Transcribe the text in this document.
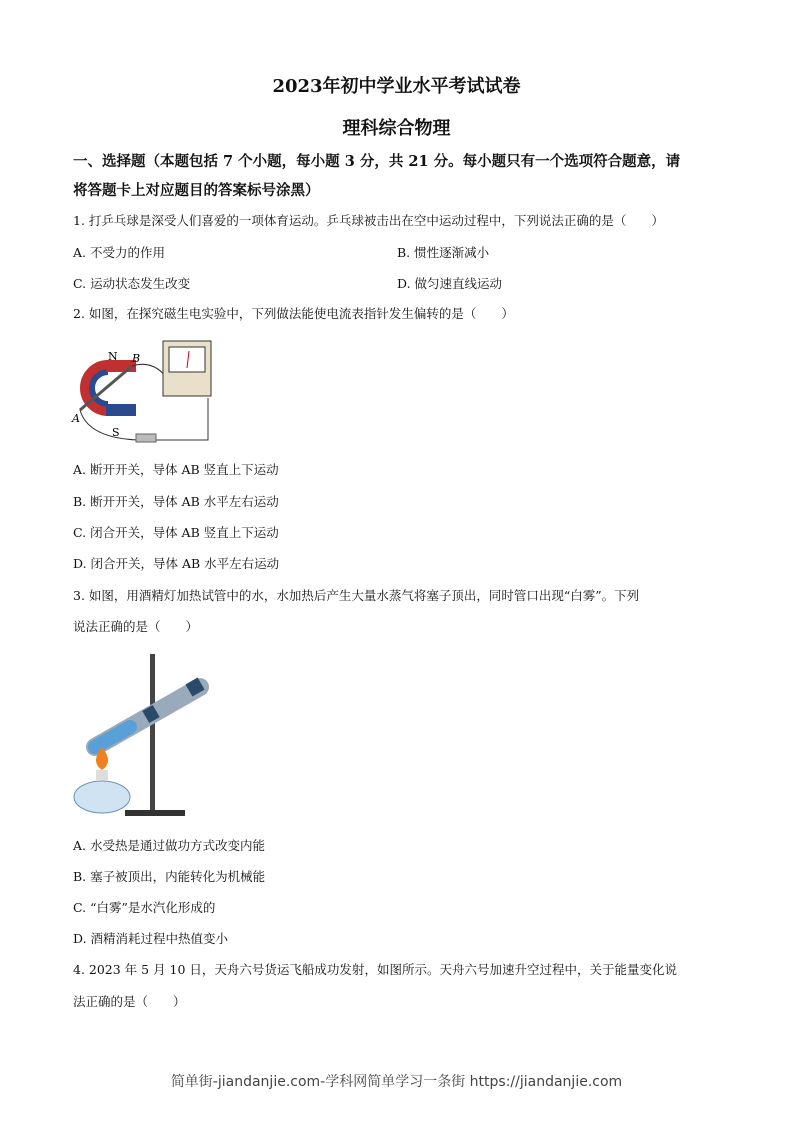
2023年初中学业水平考试试卷
理科综合物理
一、选择题（本题包括 7 个小题，每小题 3 分，共 21 分。每小题只有一个选项符合题意，请
将答题卡上对应题目的答案标号涂黑）
1. 打乒乓球是深受人们喜爱的一项体育运动。乒乓球被击出在空中运动过程中，下列说法正确的是（　　）
A. 不受力的作用	B. 惯性逐渐减小
C. 运动状态发生改变	D. 做匀速直线运动
2. 如图，在探究磁生电实验中，下列做法能使电流表指针发生偏转的是（　　）
N
S
A
B
A. 断开开关，导体 AB 竖直上下运动
B. 断开开关，导体 AB 水平左右运动
C. 闭合开关，导体 AB 竖直上下运动
D. 闭合开关，导体 AB 水平左右运动
3. 如图，用酒精灯加热试管中的水，水加热后产生大量水蒸气将塞子顶出，同时管口出现“白雾”。下列
说法正确的是（　　）
A. 水受热是通过做功方式改变内能
B. 塞子被顶出，内能转化为机械能
C. “白雾”是水汽化形成的
D. 酒精消耗过程中热值变小
4. 2023 年 5 月 10 日，天舟六号货运飞船成功发射，如图所示。天舟六号加速升空过程中，关于能量变化说
法正确的是（　　）
简单街-jiandanjie.com-学科网简单学习一条街 https://jiandanjie.com
